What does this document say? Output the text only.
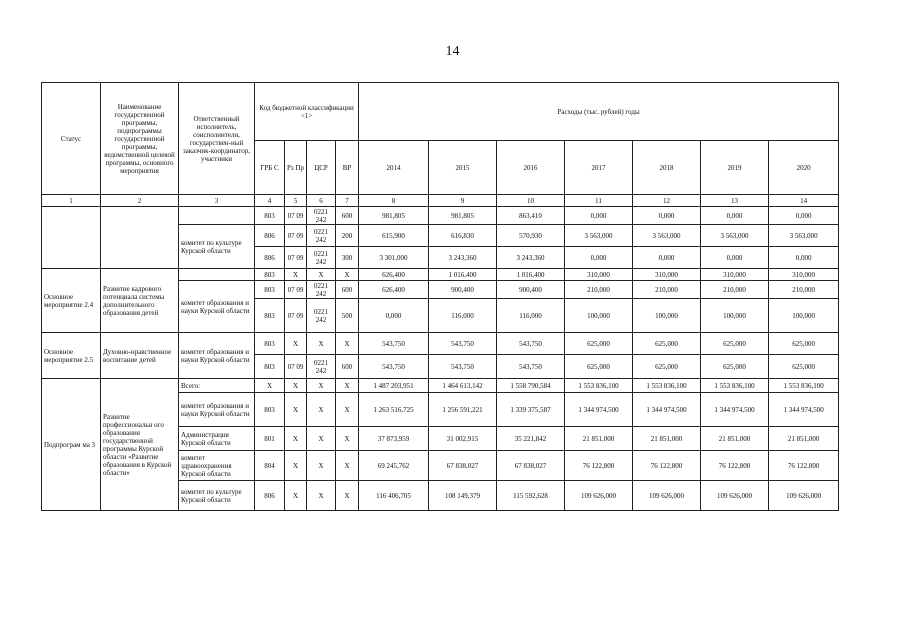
14
Статус	Наименование государственной программы, подпрограммы государственной программы, ведомственной целевой программы, основного мероприятия	Ответственный исполнитель, соисполнители, государствен-ный заказчик-координатор, участники	Код бюджетной классификации <1>				Расходы (тыс. рублей) годы						
			ГРБ С	Рз Пр	ЦСР	ВР	2014	2015	2016	2017	2018	2019	2020
1	2	3	4	5	6	7	8	9	10	11	12	13	14
			803	07 09	0221 242	600	981,805	981,805	863,410	0,000	0,000	0,000	0,000
		комитет по культуре Курской области	806	07 09	0221 242	200	615,900	616,830	570,930	3 563,000	3 563,000	3 563,000	3 563,000
			806	07 09	0221 242	300	3 301,000	3 243,360	3 243,360	0,000	0,000	0,000	0,000
Основное мероприятие 2.4	Развитие кадрового потенциала системы дополнительного образования детей		803	Х	Х	Х	626,400	1 016,400	1 016,400	310,000	310,000	310,000	310,000
		комитет образования и науки Курской области	803	07 09	0221 242	600	626,400	900,400	900,400	210,000	210,000	210,000	210,000
			803	07 09	0221 242	500	0,000	116,000	116,000	100,000	100,000	100,000	100,000
Основное мероприятие 2.5	Духовно-нравственное воспитание детей	комитет образования и науки Курской области	803	Х	Х	Х	543,750	543,750	543,750	625,000	625,000	625,000	625,000
			803	07 09	0221 242	600	543,750	543,750	543,750	625,000	625,000	625,000	625,000
Подпрограм ма 3	Развитие профессиональн ого образования государственной программы Курской области «Развитие образования в Курской области»	Всего:	Х	Х	Х	Х	1 487 203,951	1 464 613,142	1 558 790,584	1 553 836,100	1 553 836,100	1 553 836,100	1 553 836,100
		комитет образования и науки Курской области	803	Х	Х	Х	1 263 516,725	1 256 591,221	1 339 375,587	1 344 974,500	1 344 974,500	1 344 974,500	1 344 974,500
		Администрация Курской области	801	Х	Х	Х	37 873,959	31 002,915	35 221,842	21 851,000	21 851,000	21 851,000	21 851,000
		комитет здравоохранения Курской области	804	Х	Х	Х	69 245,762	67 838,027	67 838,027	76 122,800	76 122,800	76 122,800	76 122,800
		комитет по культуре Курской области	806	Х	Х	Х	116 406,705	108 149,379	115 592,628	109 626,000	109 626,000	109 626,000	109 626,000
